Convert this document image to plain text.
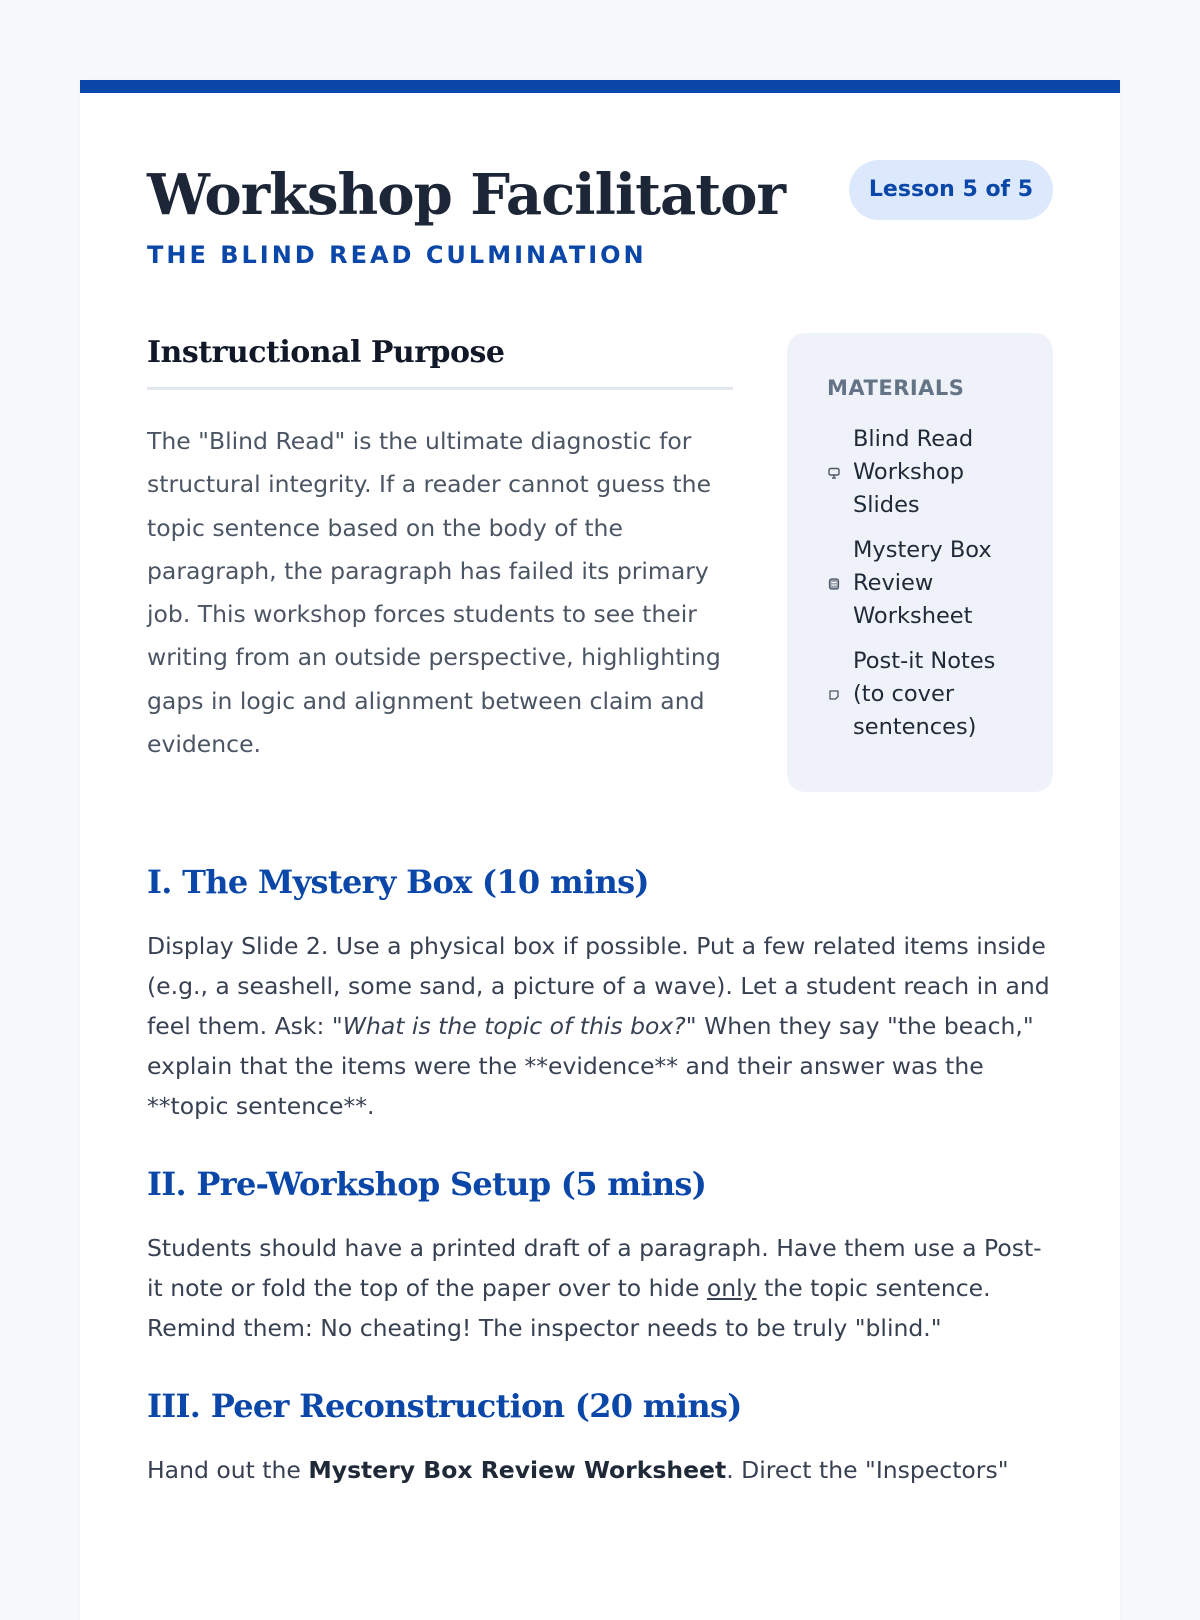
Workshop Facilitator
THE BLIND READ CULMINATION
Lesson 5 of 5
Instructional Purpose

The "Blind Read" is the ultimate diagnostic for structural integrity. If a reader cannot guess the topic sentence based on the body of the paragraph, the paragraph has failed its primary job. This workshop forces students to see their writing from an outside perspective, highlighting gaps in logic and alignment between claim and evidence.

MATERIALS
Blind Read Workshop Slides
Mystery Box Review Worksheet
Post-it Notes (to cover sentences)
I. The Mystery Box (10 mins)

Display Slide 2. Use a physical box if possible. Put a few related items inside (e.g., a seashell, some sand, a picture of a wave). Let a student reach in and feel them. Ask: "What is the topic of this box?" When they say "the beach," explain that the items were the **evidence** and their answer was the **topic sentence**.

II. Pre-Workshop Setup (5 mins)

Students should have a printed draft of a paragraph. Have them use a Post-it note or fold the top of the paper over to hide only the topic sentence. Remind them: No cheating! The inspector needs to be truly "blind."

III. Peer Reconstruction (20 mins)

Hand out the Mystery Box Review Worksheet. Direct the "Inspectors"
